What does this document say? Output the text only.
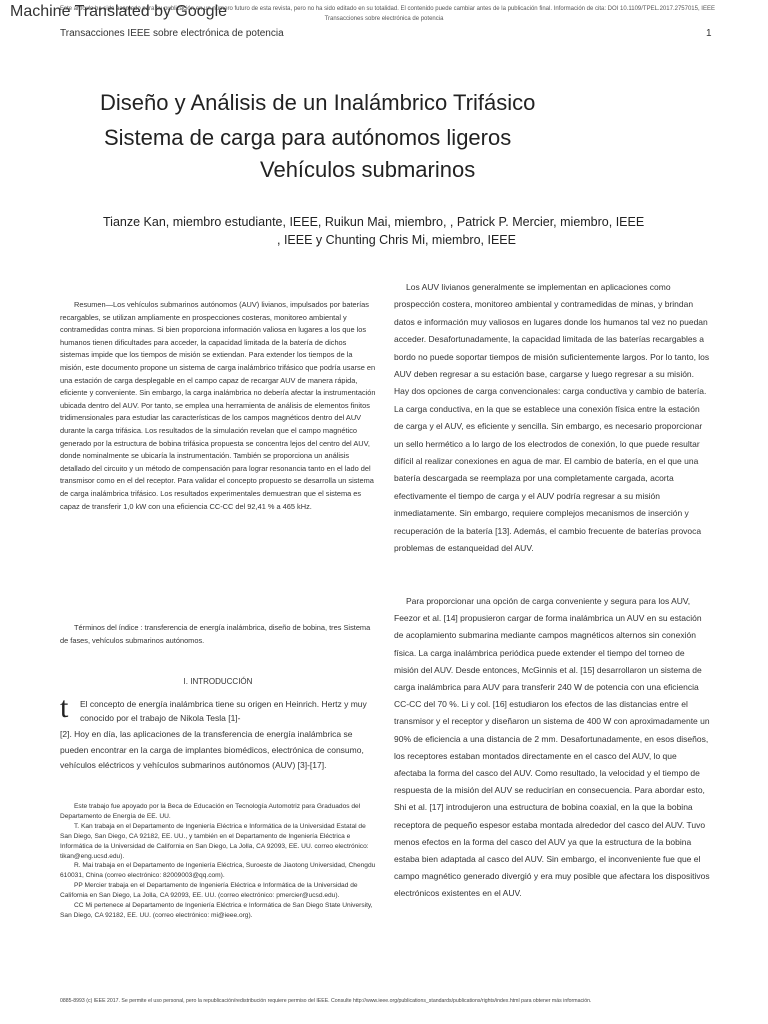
Este artículo ha sido aceptado para su publicación en un número futuro de esta revista, pero no ha sido editado en su totalidad. El contenido puede cambiar antes de la publicación final. Información de cita: DOI 10.1109/TPEL.2017.2757015, IEEE
Transacciones sobre electrónica de potencia
Machine Translated by Google
Transacciones IEEE sobre electrónica de potencia	1
Diseño y Análisis de un Inalámbrico Trifásico
Sistema de carga para autónomos ligeros
Vehículos submarinos
Tianze Kan, miembro estudiante, IEEE, Ruikun Mai, miembro, , Patrick P. Mercier, miembro, IEEE
, IEEE y Chunting Chris Mi, miembro, IEEE

Resumen—Los vehículos submarinos autónomos (AUV) livianos, impulsados por baterías recargables, se utilizan ampliamente en prospecciones costeras, monitoreo ambiental y contramedidas contra minas. Si bien proporciona información valiosa en lugares a los que los humanos tienen dificultades para acceder, la capacidad limitada de la batería de dichos sistemas impide que los tiempos de misión se extiendan. Para extender los tiempos de la misión, este documento propone un sistema de carga inalámbrico trifásico que podría usarse en una estación de carga desplegable en el campo capaz de recargar AUV de manera rápida, eficiente y conveniente. Sin embargo, la carga inalámbrica no debería afectar la instrumentación ubicada dentro del AUV. Por tanto, se emplea una herramienta de análisis de elementos finitos tridimensionales para estudiar las características de los campos magnéticos dentro del AUV durante la carga trifásica. Los resultados de la simulación revelan que el campo magnético generado por la estructura de bobina trifásica propuesta se concentra lejos del centro del AUV, donde nominalmente se ubicaría la instrumentación. También se proporciona un análisis detallado del circuito y un método de compensación para lograr resonancia tanto en el lado del transmisor como en el del receptor. Para validar el concepto propuesto se desarrolla un sistema de carga inalámbrica trifásico. Los resultados experimentales demuestran que el sistema es capaz de transferir 1,0 kW con una eficiencia CC-CC del 92,41 % a 465 kHz.

Términos del índice : transferencia de energía inalámbrica, diseño de bobina, tres Sistema de fases, vehículos submarinos autónomos.

I. INTRODUCCIÓN
t El concepto de energía inalámbrica tiene su origen en Heinrich. Hertz y muy conocido por el trabajo de Nikola Tesla [1]-

[2]. Hoy en día, las aplicaciones de la transferencia de energía inalámbrica se pueden encontrar en la carga de implantes biomédicos, electrónica de consumo, vehículos eléctricos y vehículos submarinos autónomos (AUV) [3]-[17].

Este trabajo fue apoyado por la Beca de Educación en Tecnología Automotriz para Graduados del Departamento de Energía de EE. UU.

T. Kan trabaja en el Departamento de Ingeniería Eléctrica e Informática de la Universidad Estatal de San Diego, San Diego, CA 92182, EE. UU., y también en el Departamento de Ingeniería Eléctrica e Informática de la Universidad de California en San Diego, La Jolla, CA 92093, EE. UU. correo electrónico: tikan@eng.ucsd.edu).

R. Mai trabaja en el Departamento de Ingeniería Eléctrica, Suroeste de Jiaotong Universidad, Chengdu 610031, China (correo electrónico: 82009003@qq.com).

PP Mercier trabaja en el Departamento de Ingeniería Eléctrica e Informática de la Universidad de California en San Diego, La Jolla, CA 92093, EE. UU. (correo electrónico: pmercier@ucsd.edu).

CC Mi pertenece al Departamento de Ingeniería Eléctrica e Informática de San Diego State University, San Diego, CA 92182, EE. UU. (correo electrónico: mi@ieee.org).

Los AUV livianos generalmente se implementan en aplicaciones como prospección costera, monitoreo ambiental y contramedidas de minas, y brindan datos e información muy valiosos en lugares donde los humanos tal vez no puedan acceder. Desafortunadamente, la capacidad limitada de las baterías recargables a bordo no puede soportar tiempos de misión suficientemente largos. Por lo tanto, los AUV deben regresar a su estación base, cargarse y luego regresar a su misión. Hay dos opciones de carga convencionales: carga conductiva y cambio de batería. La carga conductiva, en la que se establece una conexión física entre la estación de carga y el AUV, es eficiente y sencilla. Sin embargo, es necesario proporcionar un sello hermético a lo largo de los electrodos de conexión, lo que puede resultar difícil al realizar conexiones en agua de mar. El cambio de batería, en el que una batería descargada se reemplaza por una completamente cargada, acorta efectivamente el tiempo de carga y el AUV podría regresar a su misión inmediatamente. Sin embargo, requiere complejos mecanismos de inserción y recuperación de la batería [13]. Además, el cambio frecuente de baterías provoca problemas de estanqueidad del AUV.

Para proporcionar una opción de carga conveniente y segura para los AUV, Feezor et al. [14] propusieron cargar de forma inalámbrica un AUV en su estación de acoplamiento submarina mediante campos magnéticos alternos sin conexión física. La carga inalámbrica periódica puede extender el tiempo del torneo de misión del AUV. Desde entonces, McGinnis et al. [15] desarrollaron un sistema de carga inalámbrica para AUV para transferir 240 W de potencia con una eficiencia CC-CC del 70 %. Li y col. [16] estudiaron los efectos de las distancias entre el transmisor y el receptor y diseñaron un sistema de 400 W con aproximadamente un 90% de eficiencia a una distancia de 2 mm. Desafortunadamente, en esos diseños, los receptores estaban montados directamente en el casco del AUV, lo que afectaba la forma del casco del AUV. Como resultado, la velocidad y el tiempo de respuesta de la misión del AUV se reducirían en consecuencia. Para abordar esto, Shi et al. [17] introdujeron una estructura de bobina coaxial, en la que la bobina receptora de pequeño espesor estaba montada alrededor del casco del AUV. Tuvo menos efectos en la forma del casco del AUV ya que la estructura de la bobina estaba bien adaptada al casco del AUV. Sin embargo, el inconveniente fue que el campo magnético generado divergió y era muy posible que afectara los dispositivos electrónicos existentes en el AUV.

0885-8993 (c) IEEE 2017. Se permite el uso personal, pero la republicación/redistribución requiere permiso del IEEE. Consulte http://www.ieee.org/publications_standards/publications/rights/index.html para obtener más información.
